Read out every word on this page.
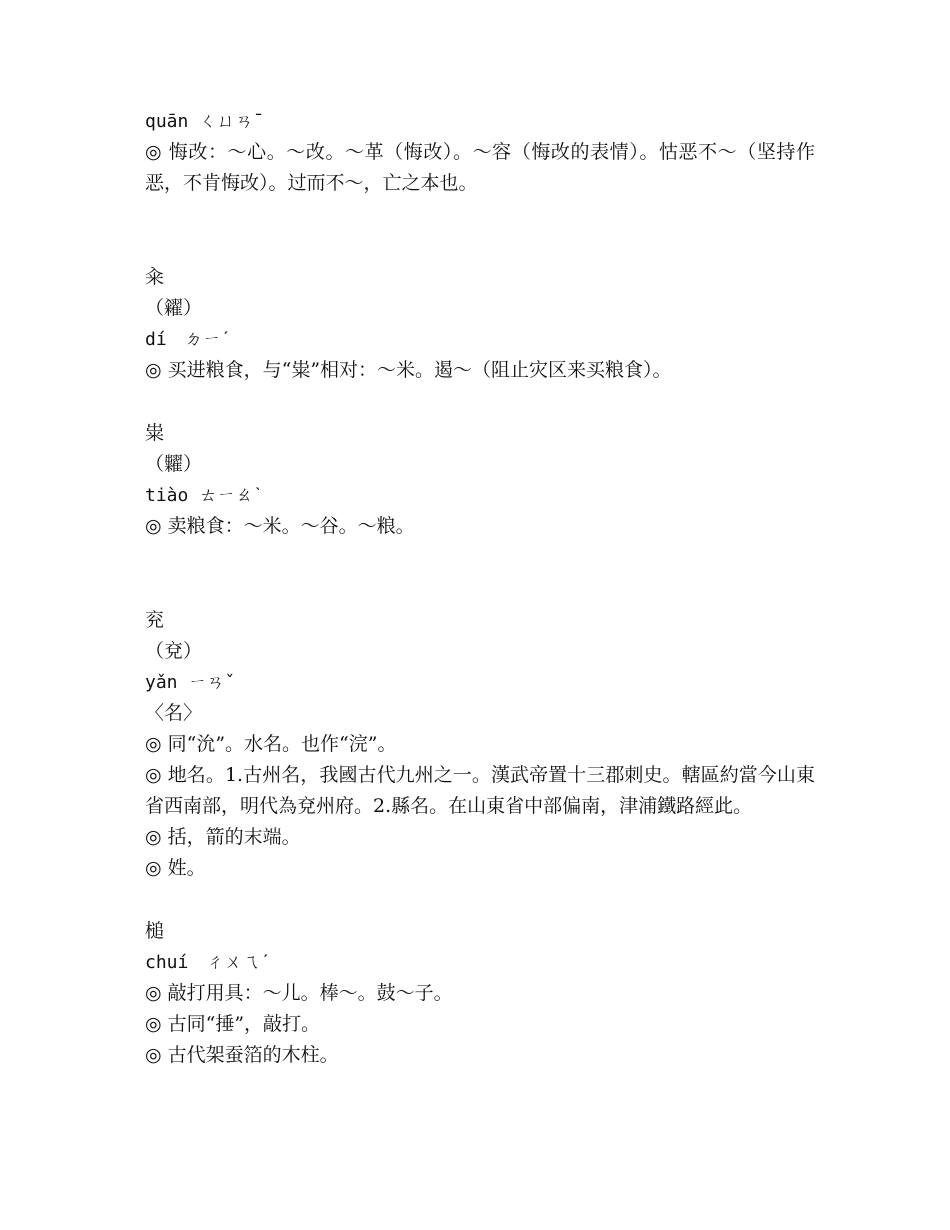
quān ㄑㄩㄢˉ

◎ 悔改：～心。～改。～革（悔改）。～容（悔改的表情）。怙恶不～（坚持作恶，不肯悔改）。过而不～，亡之本也。

籴

（糴）

dí　ㄉㄧˊ

◎ 买进粮食，与“粜”相对：～米。遏～（阻止灾区来买粮食）。

粜

（糶）

tiào ㄊㄧㄠˋ

◎ 卖粮食：～米。～谷。～粮。

兖

（兗）

yǎn ㄧㄢˇ

〈名〉

◎ 同“沇”。水名。也作“浣”。

◎ 地名。1.古州名，我國古代九州之一。漢武帝置十三郡刺史。轄區約當今山東省西南部，明代為兗州府。2.縣名。在山東省中部偏南，津浦鐵路經此。

◎ 括，箭的末端。

◎ 姓。

槌

chuí　ㄔㄨㄟˊ

◎ 敲打用具：～儿。棒～。鼓～子。

◎ 古同“捶”，敲打。

◎ 古代架蚕箔的木柱。
